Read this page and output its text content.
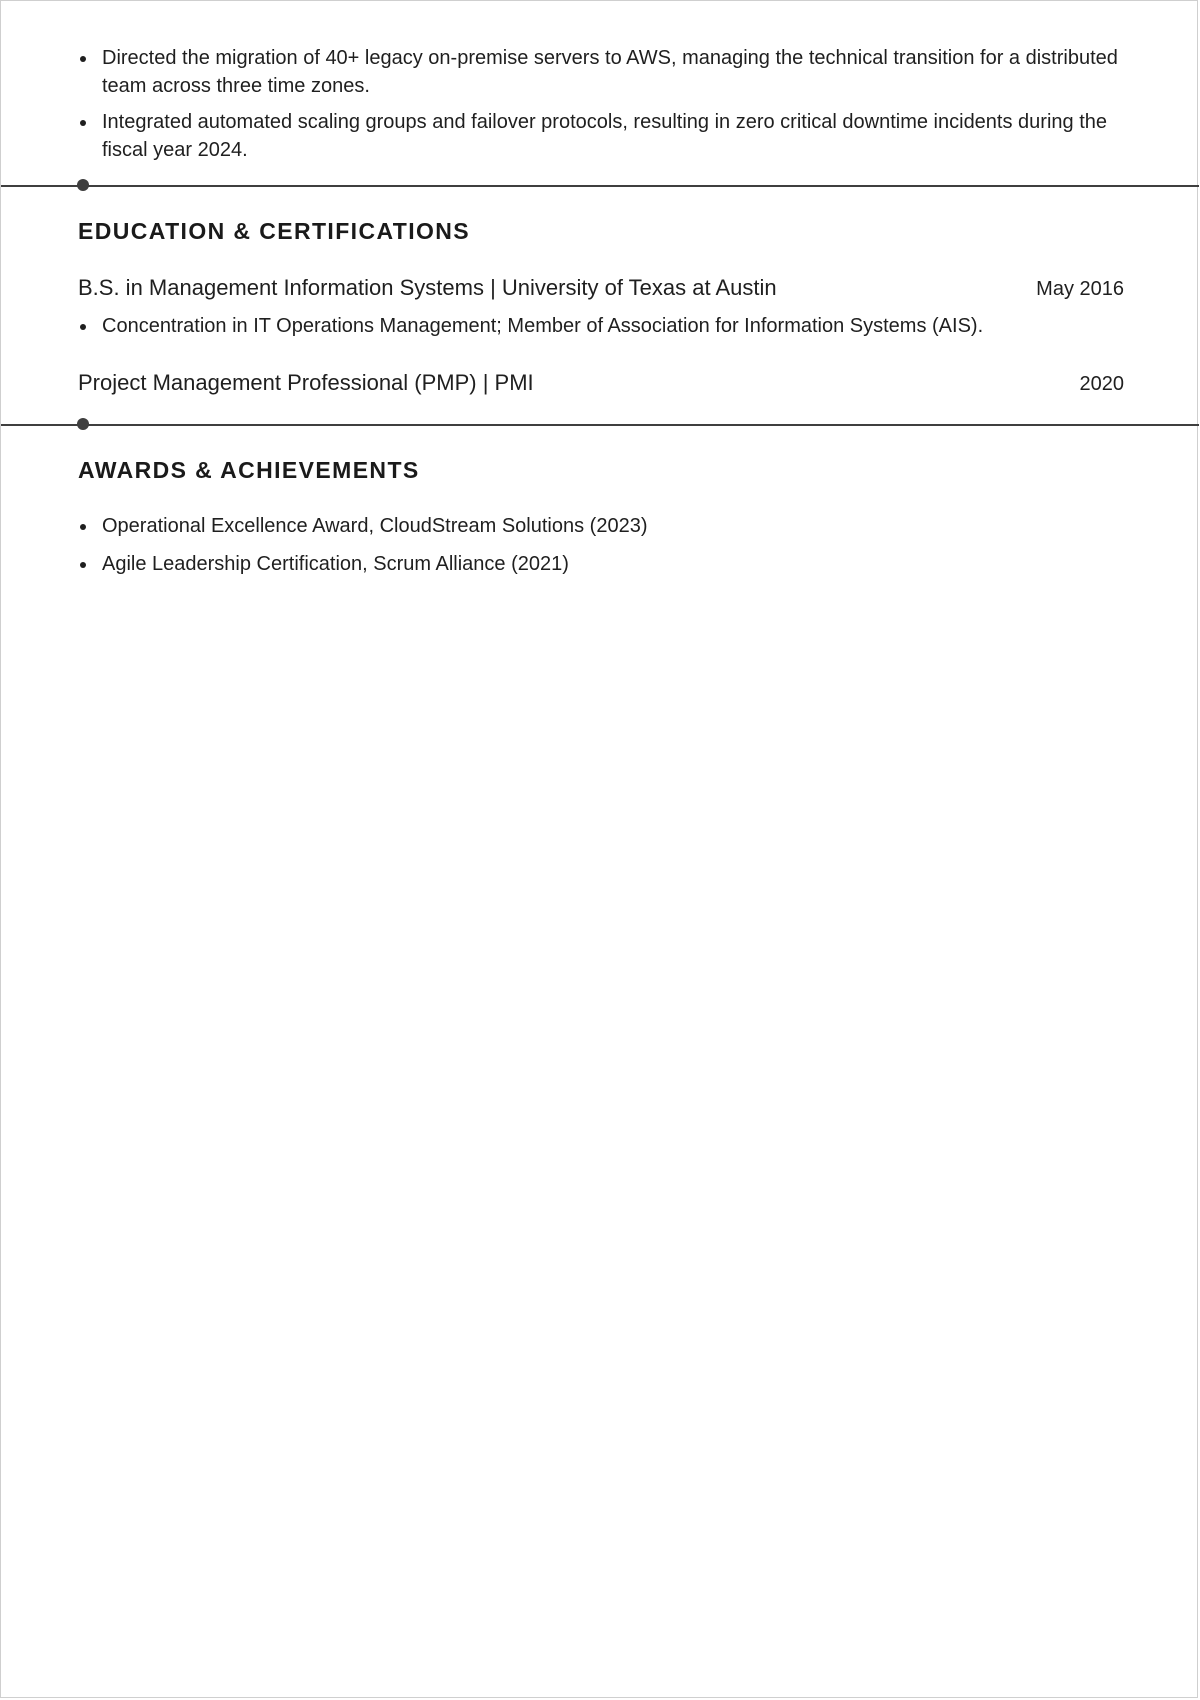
Directed the migration of 40+ legacy on-premise servers to AWS, managing the technical transition for a distributed team across three time zones.
Integrated automated scaling groups and failover protocols, resulting in zero critical downtime incidents during the fiscal year 2024.
EDUCATION & CERTIFICATIONS
B.S. in Management Information Systems | University of Texas at Austin	May 2016
Concentration in IT Operations Management; Member of Association for Information Systems (AIS).
Project Management Professional (PMP) | PMI	2020
AWARDS & ACHIEVEMENTS
Operational Excellence Award, CloudStream Solutions (2023)
Agile Leadership Certification, Scrum Alliance (2021)
